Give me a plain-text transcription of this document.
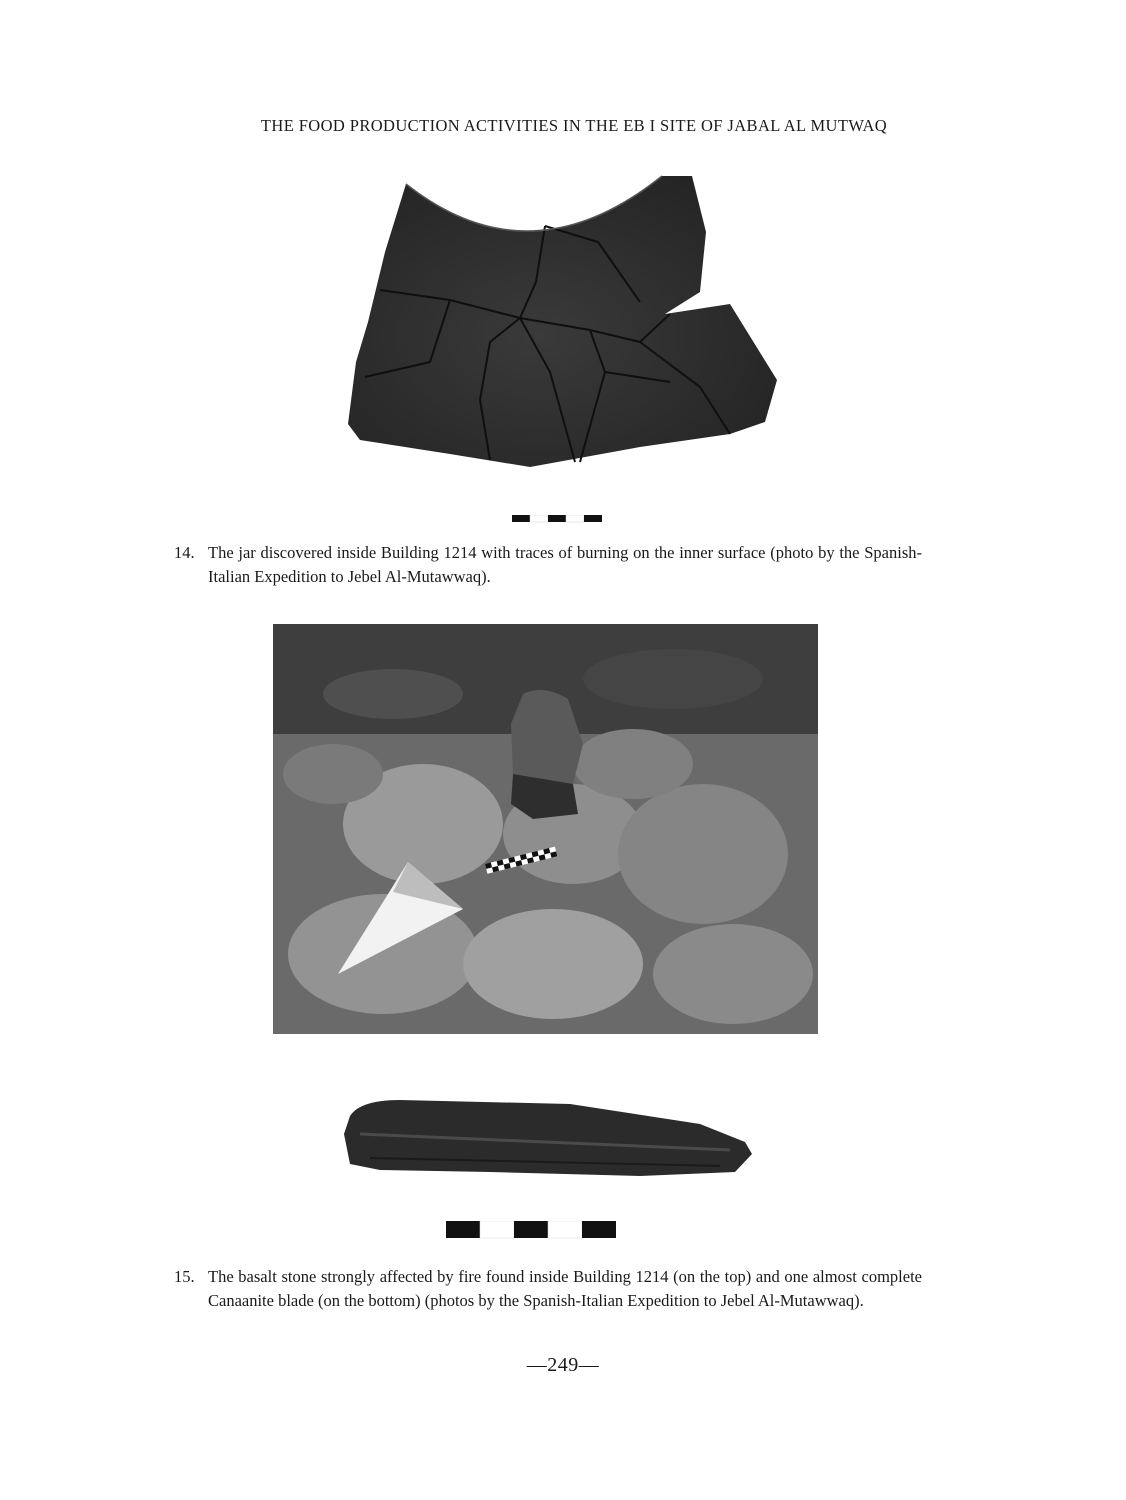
THE FOOD PRODUCTION ACTIVITIES IN THE EB I SITE OF JABAL AL MUTWAQ
14. The jar discovered inside Building 1214 with traces of burning on the inner surface (photo by the Spanish-Italian Expedition to Jebel Al-Mutawwaq).
15. The basalt stone strongly affected by fire found inside Building 1214 (on the top) and one almost complete Canaanite blade (on the bottom) (photos by the Spanish-Italian Expedition to Jebel Al-Mutawwaq).
—249—
